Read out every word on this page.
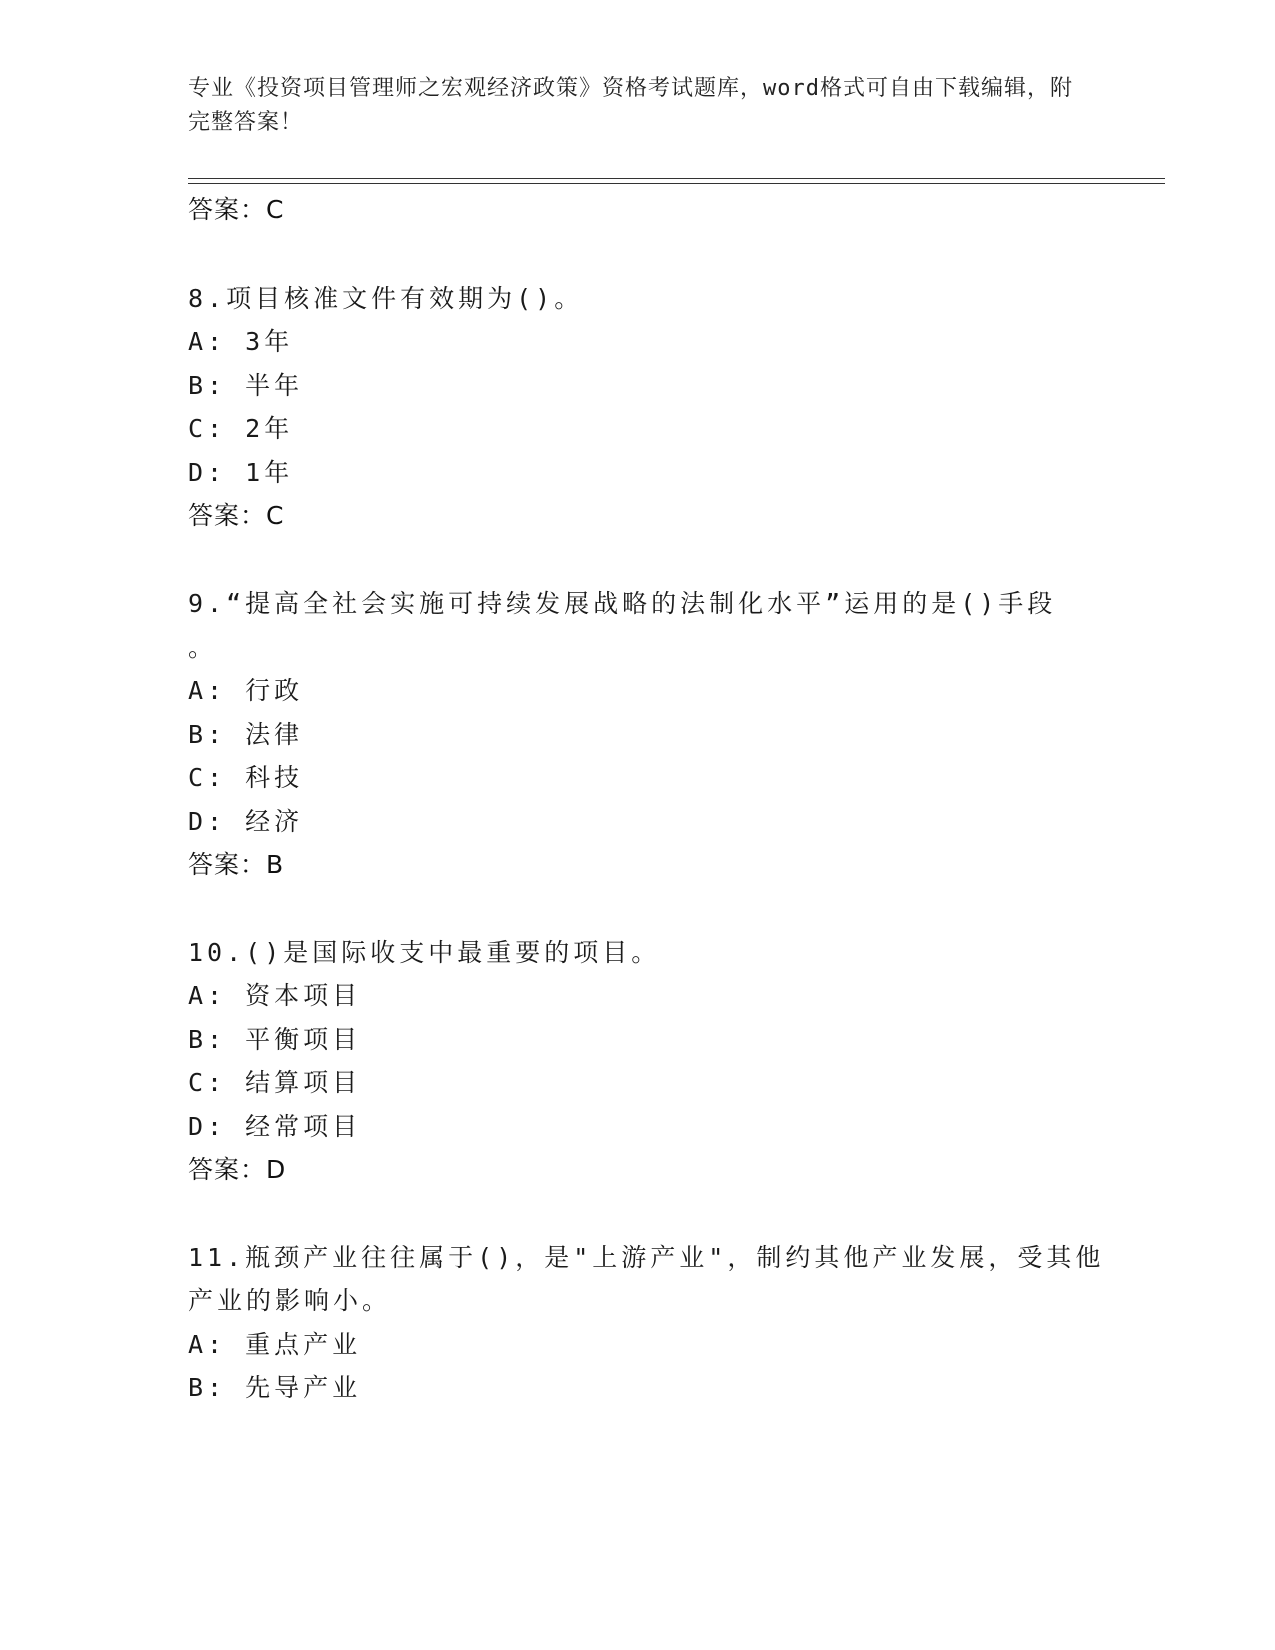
专业《投资项目管理师之宏观经济政策》资格考试题库，word格式可自由下载编辑，附完整答案！
答案：C
8.项目核准文件有效期为()。
A: 3年
B: 半年
C: 2年
D: 1年
答案：C
9.“提高全社会实施可持续发展战略的法制化水平”运用的是()手段
。
A: 行政
B: 法律
C: 科技
D: 经济
答案：B
10.()是国际收支中最重要的项目。
A: 资本项目
B: 平衡项目
C: 结算项目
D: 经常项目
答案：D
11.瓶颈产业往往属于()，是"上游产业"，制约其他产业发展，受其他
产业的影响小。
A: 重点产业
B: 先导产业
